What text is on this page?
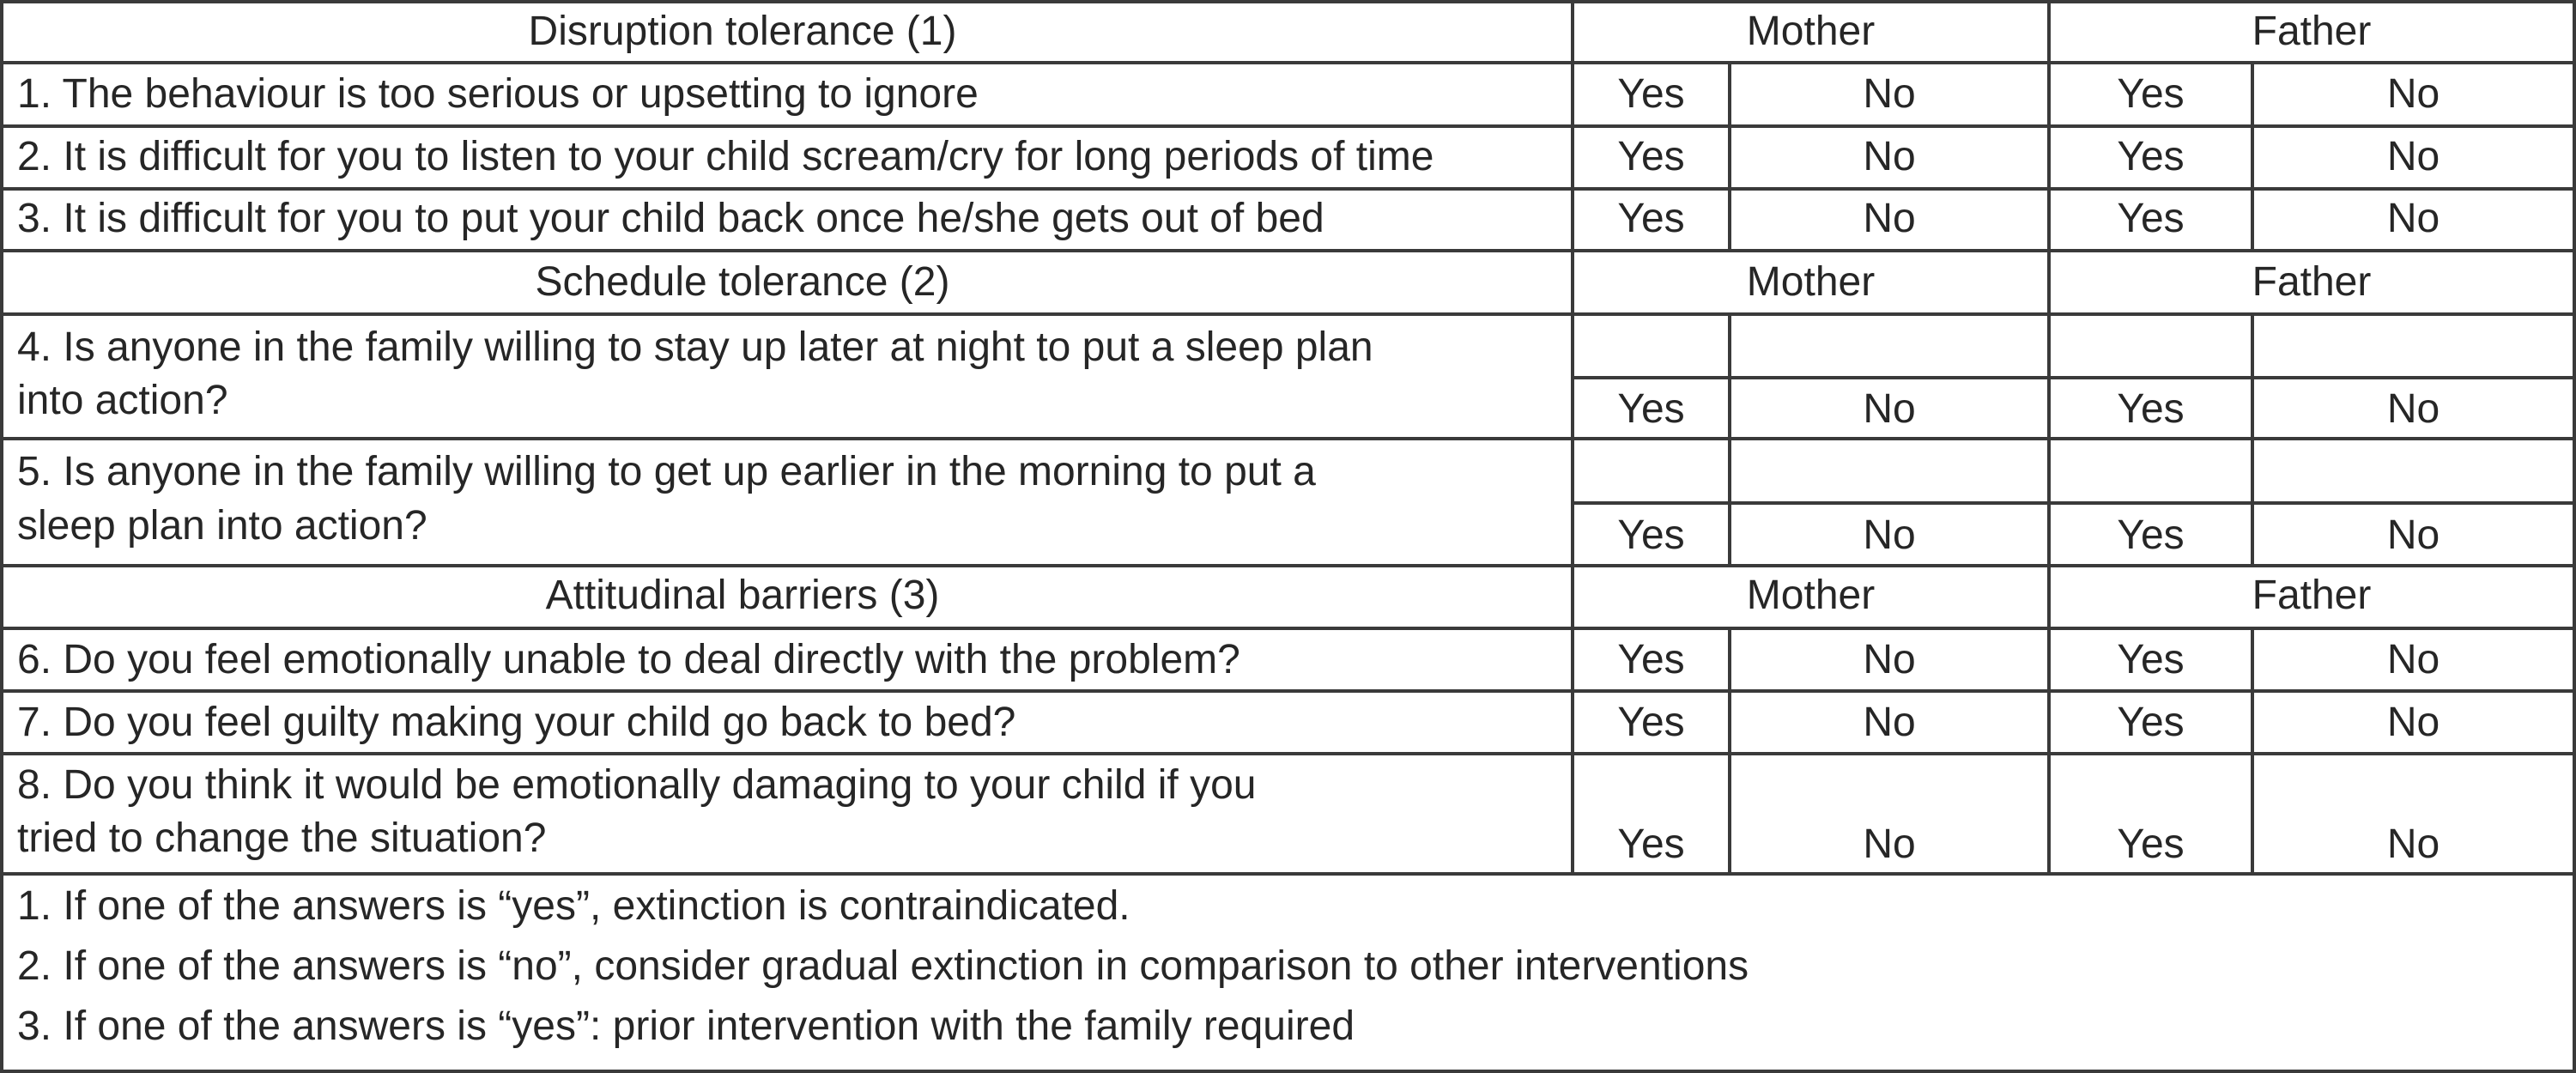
Disruption tolerance (1)	Mother	Father
1. The behaviour is too serious or upsetting to ignore	Yes	No	Yes	No
2. It is difficult for you to listen to your child scream/cry for long periods of time	Yes	No	Yes	No
3. It is difficult for you to put your child back once he/she gets out of bed	Yes	No	Yes	No
Schedule tolerance (2)	Mother	Father
4. Is anyone in the family willing to stay up later at night to put a sleep plan
into action?	Yes	No	Yes	No
5. Is anyone in the family willing to get up earlier in the morning to put a
sleep plan into action?	Yes	No	Yes	No
Attitudinal barriers (3)	Mother	Father
6. Do you feel emotionally unable to deal directly with the problem?	Yes	No	Yes	No
7. Do you feel guilty making your child go back to bed?	Yes	No	Yes	No
8. Do you think it would be emotionally damaging to your child if you
tried to change the situation?	Yes	No	Yes	No
1. If one of the answers is “yes”, extinction is contraindicated.
2. If one of the answers is “no”, consider gradual extinction in comparison to other interventions
3. If one of the answers is “yes”: prior intervention with the family required
